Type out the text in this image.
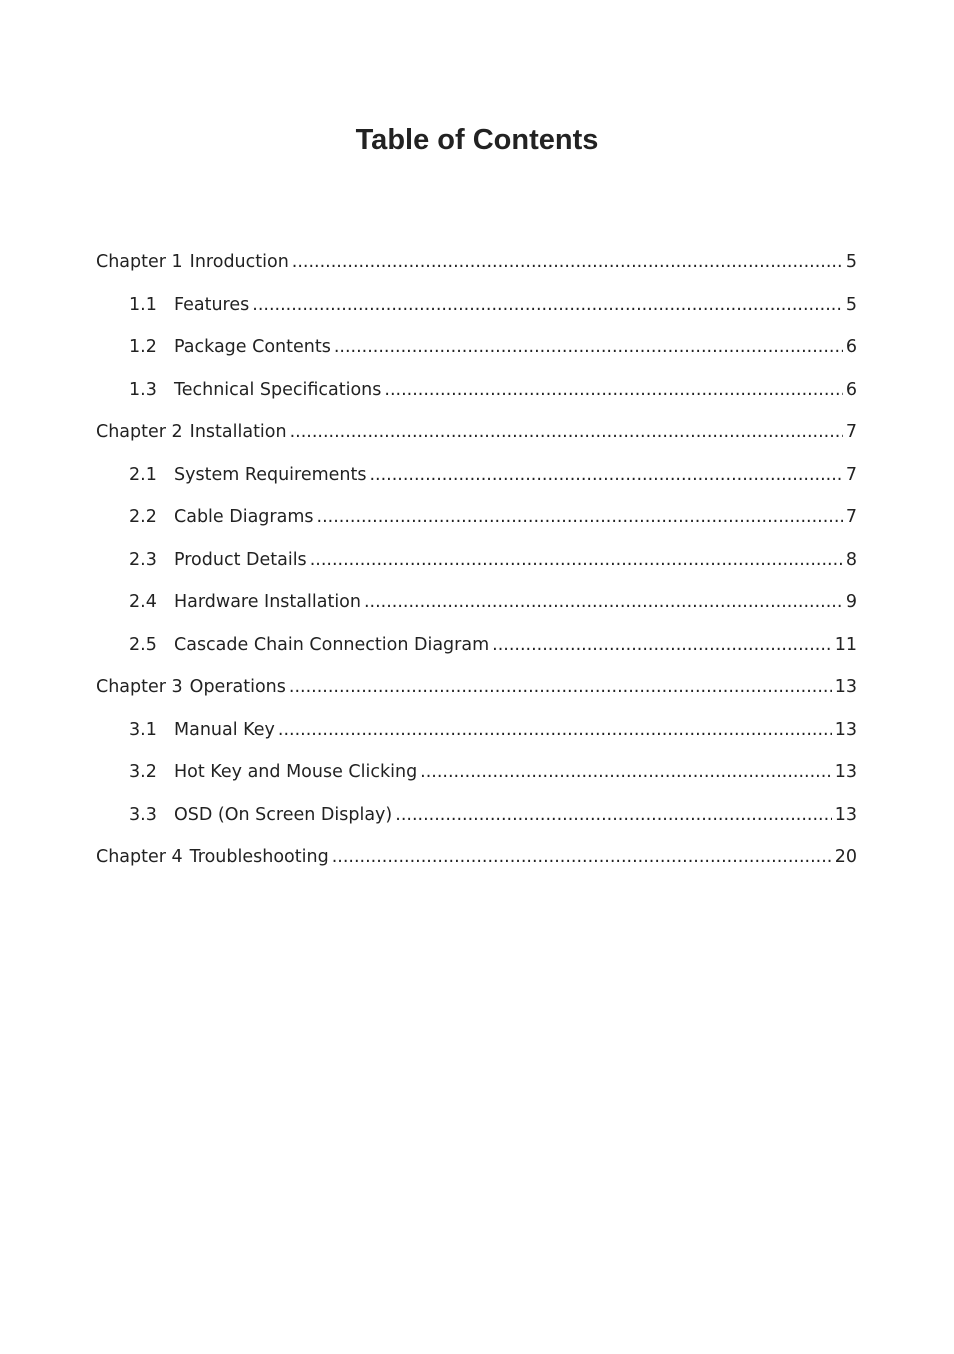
Table of Contents
Chapter 1 Inroduction .....	5
1.1 Features .....	5
1.2 Package Contents .....	6
1.3 Technical Specifications .....	6
Chapter 2 Installation .....	7
2.1 System Requirements .....	7
2.2 Cable Diagrams .....	7
2.3 Product Details .....	8
2.4 Hardware Installation .....	9
2.5 Cascade Chain Connection Diagram .....	11
Chapter 3 Operations .....	13
3.1 Manual Key .....	13
3.2 Hot Key and Mouse Clicking .....	13
3.3 OSD (On Screen Display) .....	13
Chapter 4 Troubleshooting .....	20
